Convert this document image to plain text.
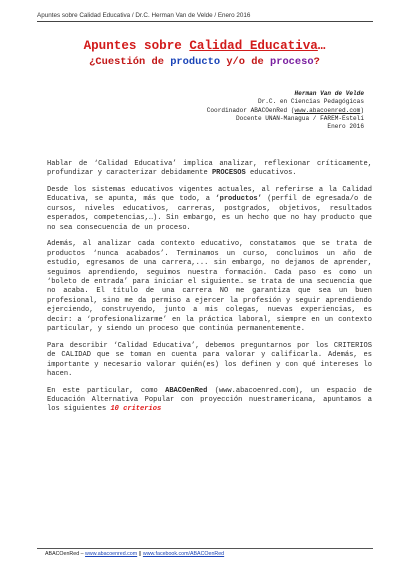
Apuntes sobre Calidad Educativa / Dr.C. Herman Van de Velde / Enero 2016
Apuntes sobre Calidad Educativa…
¿Cuestión de producto y/o de proceso?
Herman Van de Velde
Dr.C. en Ciencias Pedagógicas
Coordinador ABACOenRed (www.abacoenred.com)
Docente UNAN-Managua / FAREM-Estelí
Enero 2016

Hablar de ‘Calidad Educativa’ implica analizar, reflexionar críticamente, profundizar y caracterizar debidamente PROCESOS educativos.

Desde los sistemas educativos vigentes actuales, al referirse a la Calidad Educativa, se apunta, más que todo, a ‘productos’ (perfil de egresada/o de cursos, niveles educativos, carreras, postgrados, objetivos, resultados esperados, competencias,…). Sin embargo, es un hecho que no hay producto que no sea consecuencia de un proceso.

Además, al analizar cada contexto educativo, constatamos que se trata de productos ‘nunca acabados’. Terminamos un curso, concluimos un año de estudio, egresamos de una carrera,... sin embargo, no dejamos de aprender, seguimos aprendiendo, seguimos nuestra formación. Cada paso es como un ‘boleto de entrada’ para iniciar el siguiente… se trata de una secuencia que no acaba. El título de una carrera NO me garantiza que sea un buen profesional, sino me da permiso a ejercer la profesión y seguir aprendiendo ejerciendo, construyendo, junto a mis colegas, nuevas experiencias, es decir: a ‘profesionalizarme’ en la práctica laboral, siempre en un contexto particular, y siendo un proceso que continúa permanentemente.

Para describir ‘Calidad Educativa’, debemos preguntarnos por los CRITERIOS de CALIDAD que se toman en cuenta para valorar y calificarla. Además, es importante y necesario valorar quién(es) los definen y con qué intereses lo hacen.

En este particular, como ABACOenRed (www.abacoenred.com), un espacio de Educación Alternativa Popular con proyección nuestramericana, apuntamos a los siguientes 10 criterios

ABACOenRed – www.abacoenred.com || www.facebook.com/ABACOenRed
